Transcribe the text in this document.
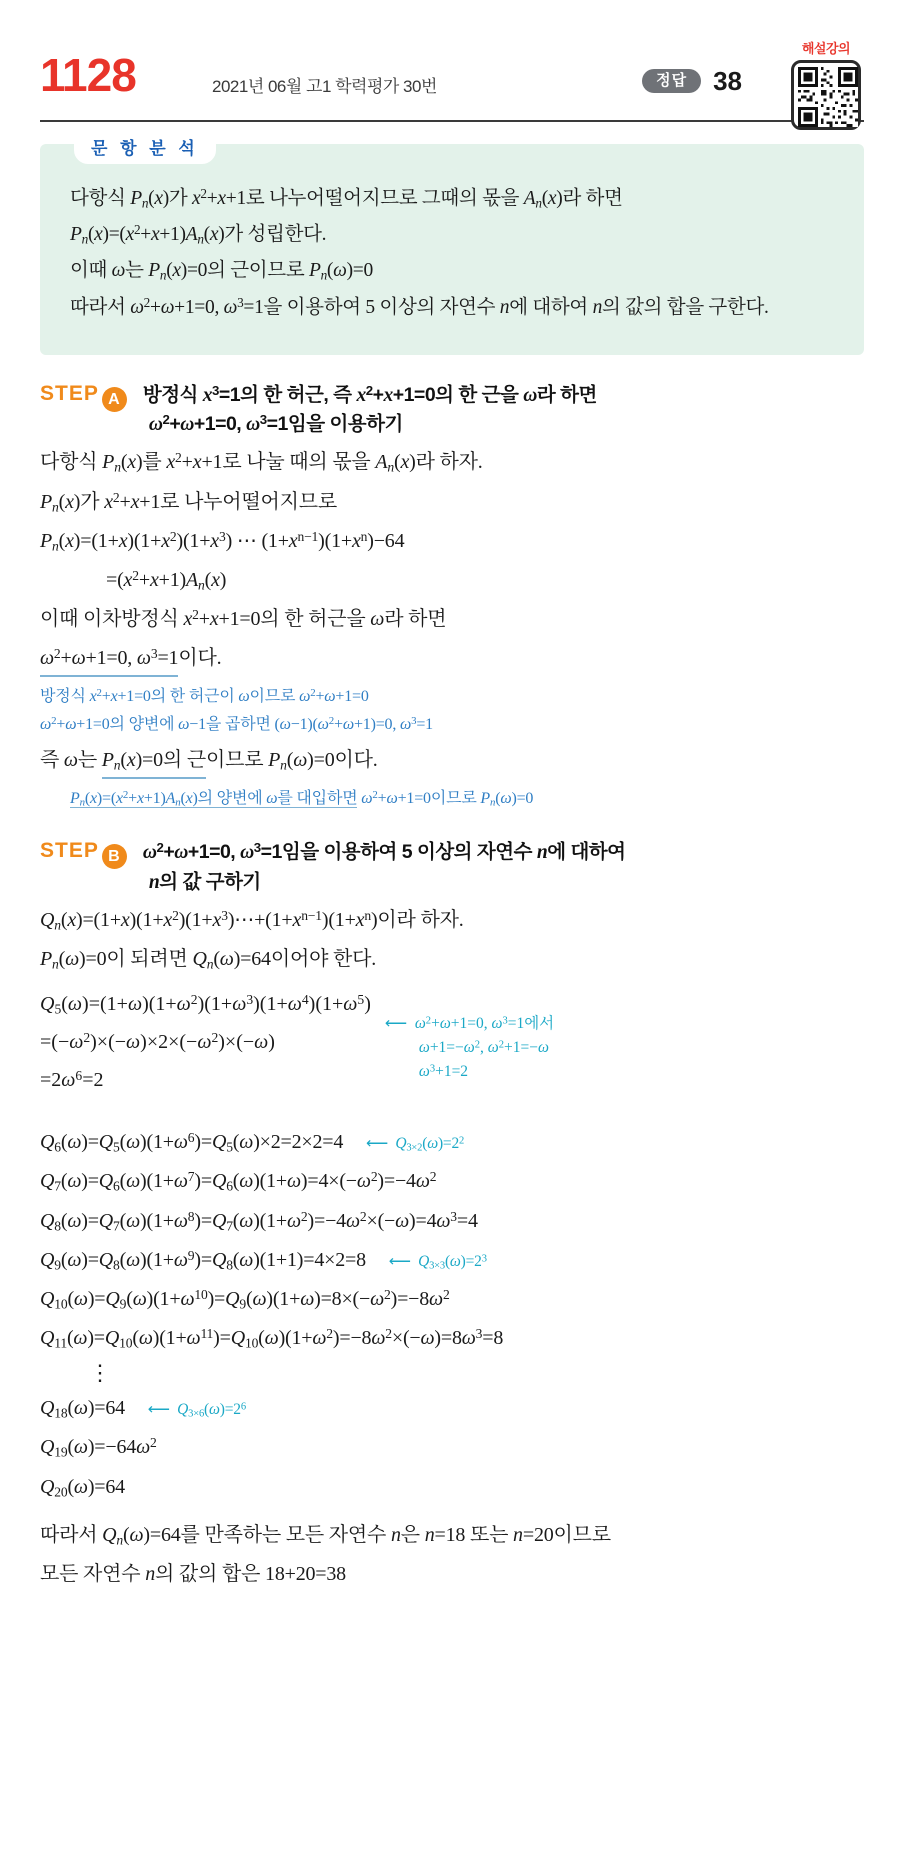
1128	2021년 06월 고1 학력평가 30번	정답	38
해설강의
문 항 분 석

다항식 $P_n(x)$가 $x^2+x+1$로 나누어떨어지므로 그때의 몫을 $A_n(x)$라 하면

$P_n(x)=(x^2+x+1)A_n(x)$가 성립한다.

이때 ω는 $P_n(x)=0$의 근이므로 $P_n(\omega)=0$

따라서 $\omega^2+\omega+1=0$, $\omega^3=1$을 이용하여 5 이상의 자연수 n에 대하여 n의 값의 합을 구한다.

STEP A	방정식 $x^3=1$의 한 허근, 즉 $x^2+x+1=0$의 한 근을 ω라 하면
$\omega^2+\omega+1=0$, $\omega^3=1$임을 이용하기

다항식 $P_n(x)$를 $x^2+x+1$로 나눌 때의 몫을 $A_n(x)$라 하자.

$P_n(x)$가 $x^2+x+1$로 나누어떨어지므로

$P_n(x)=(1+x)(1+x^2)(1+x^3)$ ⋯ $(1+x^{n-1})(1+x^n)-64$

$=(x^2+x+1)A_n(x)$

이때 이차방정식 $x^2+x+1=0$의 한 허근을 ω라 하면

$\omega^2+\omega+1=0$, $\omega^3=1$이다.

방정식 $x^2+x+1=0$의 한 허근이 ω이므로 $\omega^2+\omega+1=0$

$\omega^2+\omega+1=0$의 양변에 ω−1을 곱하면 $(\omega-1)(\omega^2+\omega+1)=0$, $\omega^3=1$

즉 ω는 $P_n(x)=0$의 근이므로 $P_n(\omega)=0$이다.

$P_n(x)=(x^2+x+1)A_n(x)$의 양변에 ω를 대입하면 $\omega^2+\omega+1=0$이므로 $P_n(\omega)=0$

STEP B	$\omega^2+\omega+1=0$, $\omega^3=1$임을 이용하여 5 이상의 자연수 n에 대하여
n의 값 구하기

$Q_n(x)=(1+x)(1+x^2)(1+x^3)\cdots+(1+x^{n-1})(1+x^n)$이라 하자.

$P_n(\omega)=0$이 되려면 $Q_n(\omega)=64$이어야 한다.

$Q_5(\omega)=(1+\omega)(1+\omega^2)(1+\omega^3)(1+\omega^4)(1+\omega^5)$
$=(-\omega^2)\times(-\omega)\times 2\times(-\omega^2)\times(-\omega)$
$=2\omega^6=2$
⟵  $\omega^2+\omega+1=0$, $\omega^3=1$에서
$\omega+1=-\omega^2$, $\omega^2+1=-\omega$
$\omega^3+1=2$

$Q_6(\omega)=Q_5(\omega)(1+\omega^6)=Q_5(\omega)\times 2=2\times 2=4$ ⟵  $Q_{3\times 2}(\omega)=2^2$

$Q_7(\omega)=Q_6(\omega)(1+\omega^7)=Q_6(\omega)(1+\omega)=4\times(-\omega^2)=-4\omega^2$

$Q_8(\omega)=Q_7(\omega)(1+\omega^8)=Q_7(\omega)(1+\omega^2)=-4\omega^2\times(-\omega)=4\omega^3=4$

$Q_9(\omega)=Q_8(\omega)(1+\omega^9)=Q_8(\omega)(1+1)=4\times 2=8$ ⟵  $Q_{3\times 3}(\omega)=2^3$

$Q_{10}(\omega)=Q_9(\omega)(1+\omega^{10})=Q_9(\omega)(1+\omega)=8\times(-\omega^2)=-8\omega^2$

$Q_{11}(\omega)=Q_{10}(\omega)(1+\omega^{11})=Q_{10}(\omega)(1+\omega^2)=-8\omega^2\times(-\omega)=8\omega^3=8$

⋮

$Q_{18}(\omega)=64$ ⟵  $Q_{3\times 6}(\omega)=2^6$

$Q_{19}(\omega)=-64\omega^2$

$Q_{20}(\omega)=64$

따라서 $Q_n(\omega)=64$를 만족하는 모든 자연수 n은 n=18 또는 n=20이므로

모든 자연수 n의 값의 합은 18+20=38
